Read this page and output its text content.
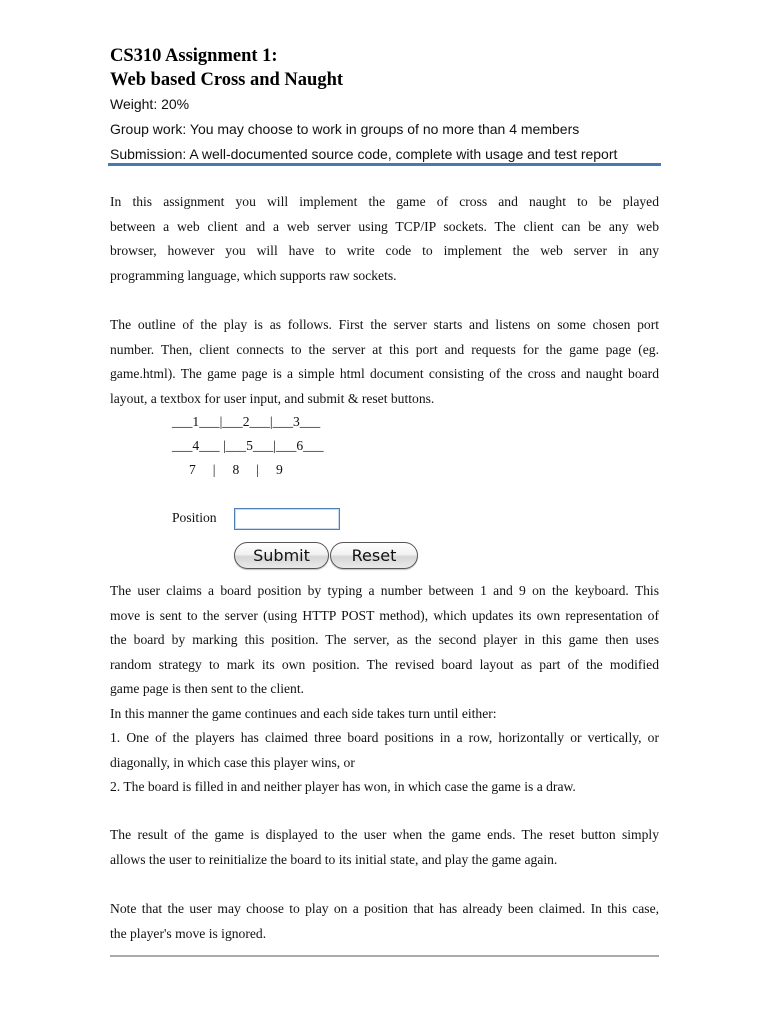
CS310 Assignment 1:
Web based Cross and Naught
Weight: 20%
Group work: You may choose to work in groups of no more than 4 members
Submission: A well-documented source code, complete with usage and test report
In this assignment you will implement the game of cross and naught to be played
between a web client and a web server using TCP/IP sockets. The client can be any web
browser, however you will have to write code to implement the web server in any
programming language, which supports raw sockets.
The outline of the play is as follows. First the server starts and listens on some chosen port
number. Then, client connects to the server at this port and requests for the game page (eg.
game.html). The game page is a simple html document consisting of the cross and naught board
layout, a textbox for user input, and submit & reset buttons.
___1___|___2___|___3___
___4___ |___5___|___6___
7     |     8     |     9
Position
Submit	Reset
The user claims a board position by typing a number between 1 and 9 on the keyboard. This
move is sent to the server (using HTTP POST method), which updates its own representation of
the board by marking this position. The server, as the second player in this game then uses
random strategy to mark its own position. The revised board layout as part of the modified
game page is then sent to the client.
In this manner the game continues and each side takes turn until either:
1. One of the players has claimed three board positions in a row, horizontally or vertically, or
diagonally, in which case this player wins, or
2. The board is filled in and neither player has won, in which case the game is a draw.
The result of the game is displayed to the user when the game ends. The reset button simply
allows the user to reinitialize the board to its initial state, and play the game again.
Note that the user may choose to play on a position that has already been claimed. In this case,
the player's move is ignored.
